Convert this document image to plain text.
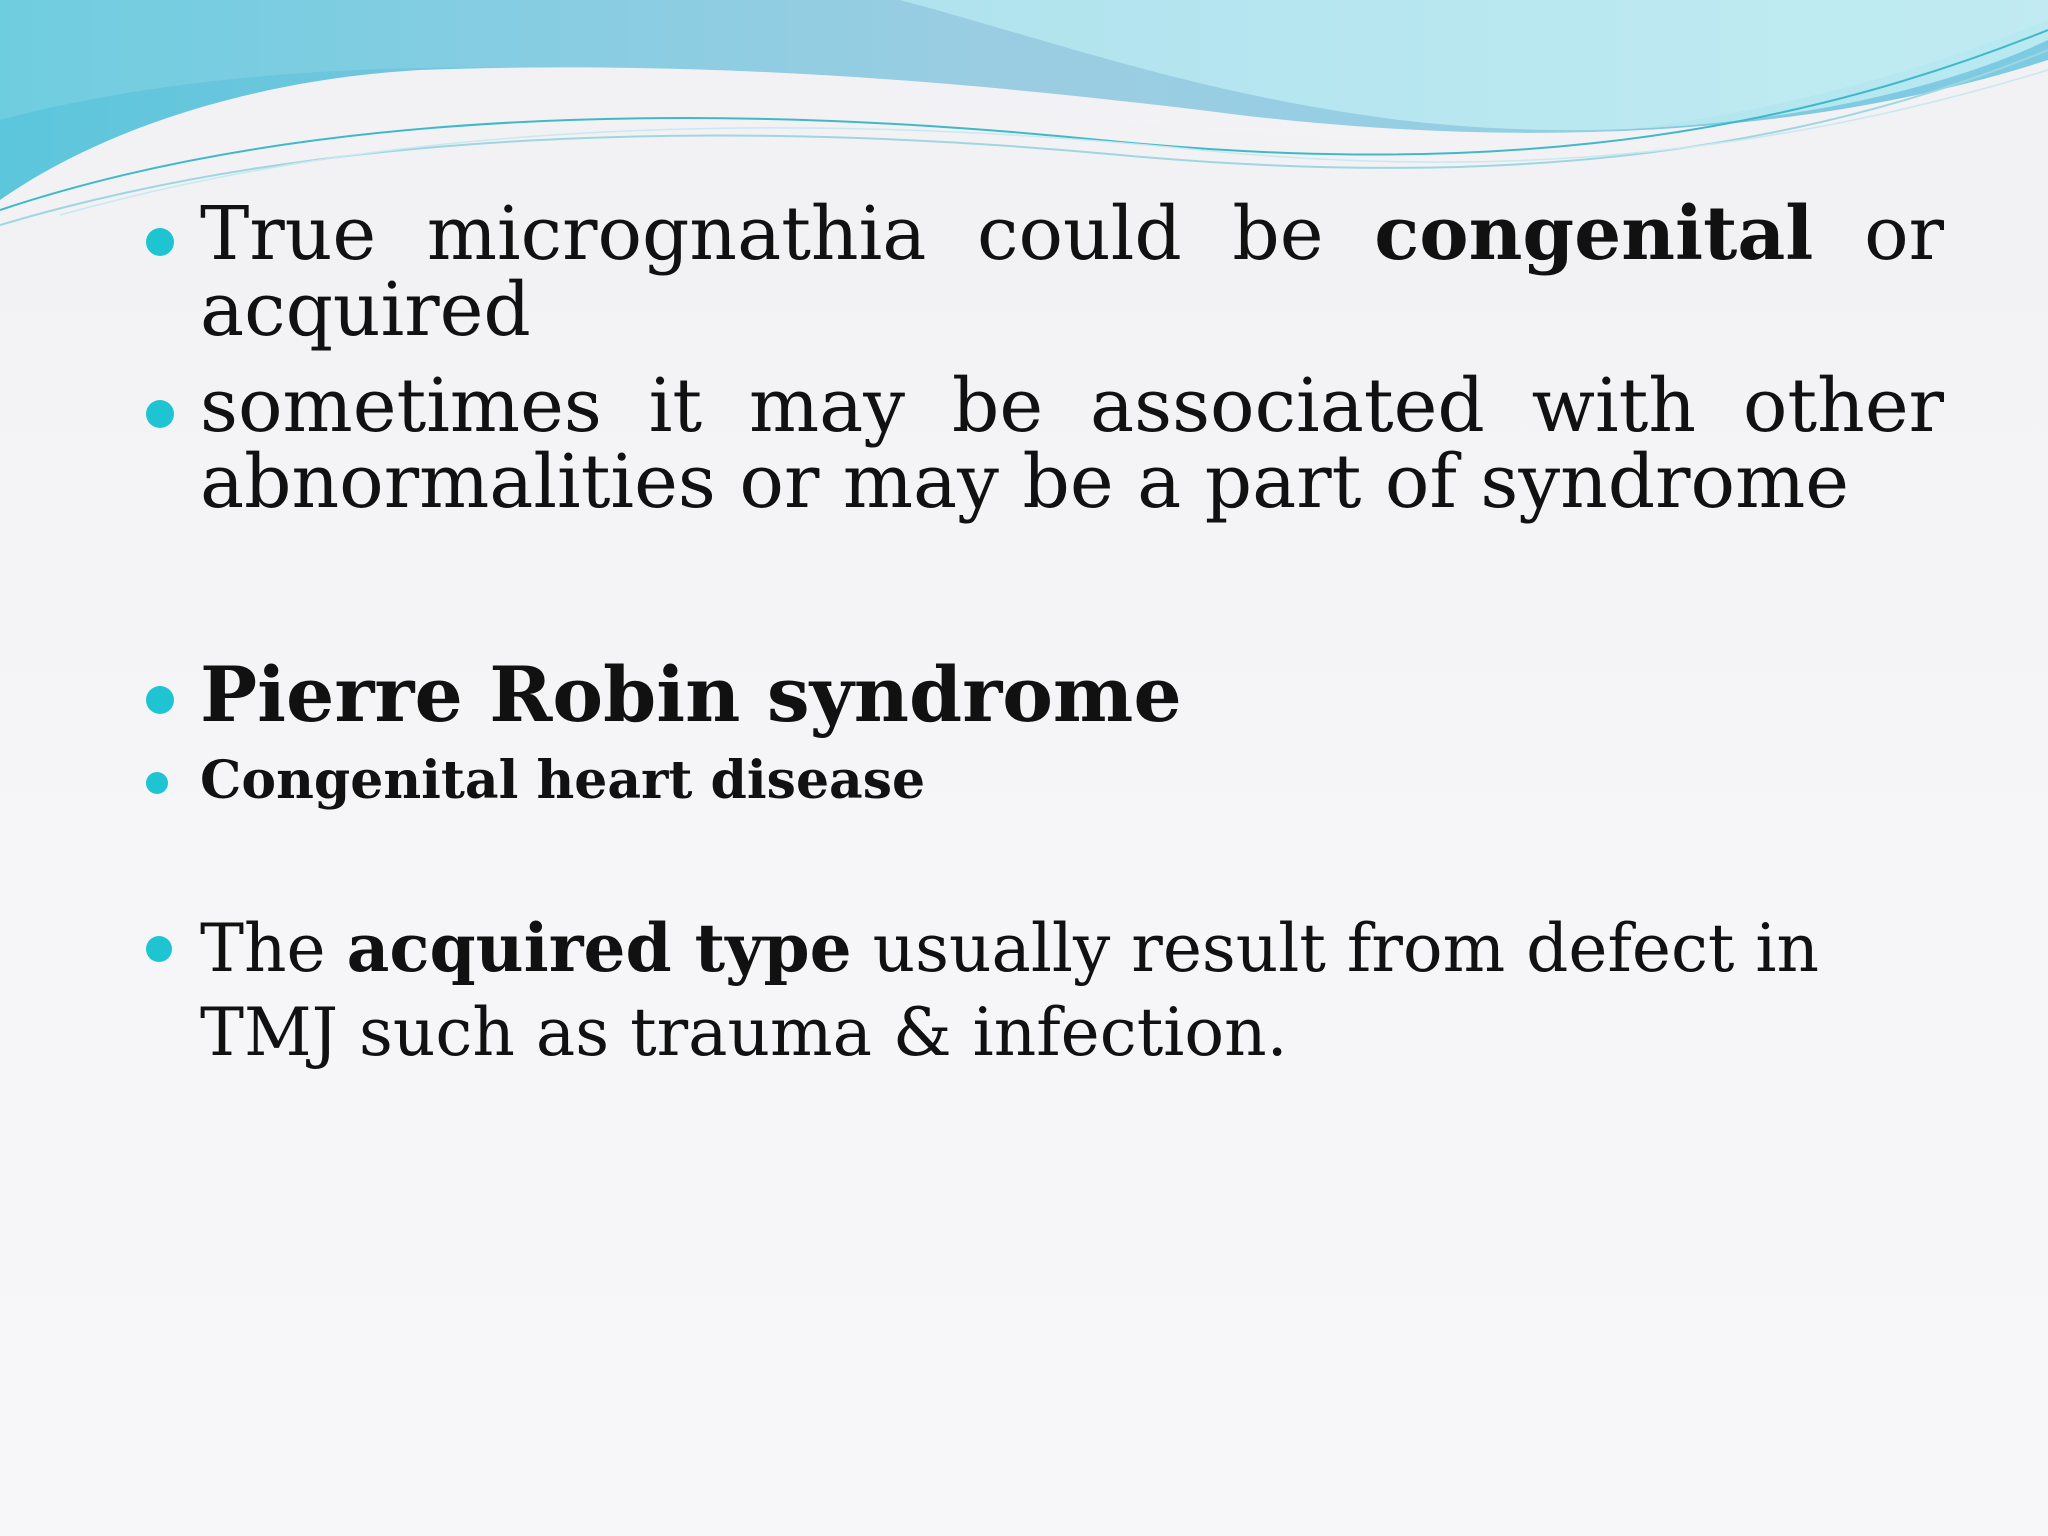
True micrognathia could be congenital or acquired
sometimes it may be associated with other abnormalities or may be a part of syndrome
Pierre Robin syndrome
Congenital heart disease
The acquired type usually result from defect in TMJ such as trauma & infection.
